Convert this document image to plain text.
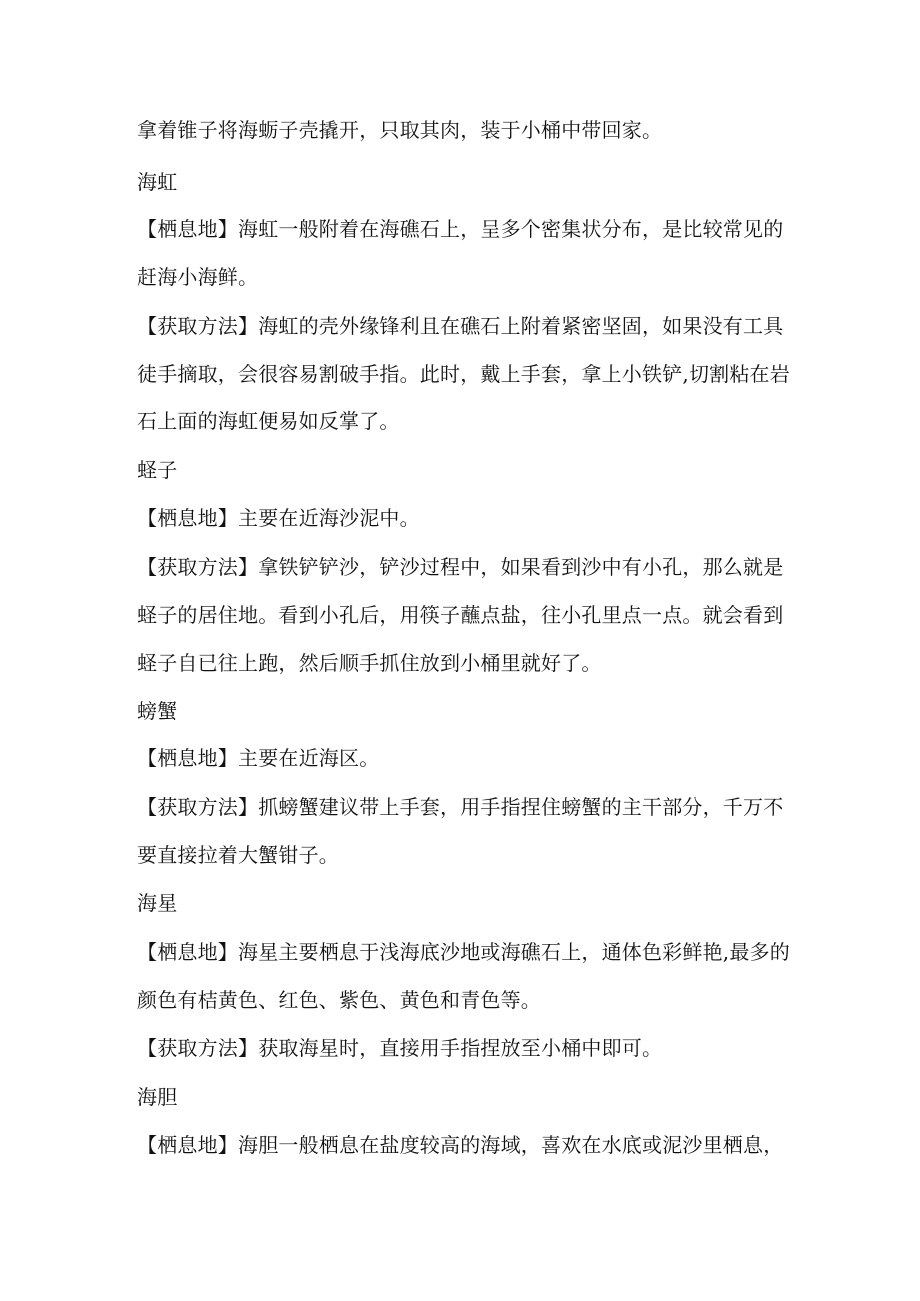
拿着锥子将海蛎子壳撬开，只取其肉，装于小桶中带回家。
海虹
【栖息地】海虹一般附着在海礁石上，呈多个密集状分布，是比较常见的
赶海小海鲜。
【获取方法】海虹的壳外缘锋利且在礁石上附着紧密坚固，如果没有工具
徒手摘取，会很容易割破手指。此时，戴上手套，拿上小铁铲,切割粘在岩
石上面的海虹便易如反掌了。
蛏子
【栖息地】主要在近海沙泥中。
【获取方法】拿铁铲铲沙，铲沙过程中，如果看到沙中有小孔，那么就是
蛏子的居住地。看到小孔后，用筷子蘸点盐，往小孔里点一点。就会看到
蛏子自已往上跑，然后顺手抓住放到小桶里就好了。
螃蟹
【栖息地】主要在近海区。
【获取方法】抓螃蟹建议带上手套，用手指捏住螃蟹的主干部分，千万不
要直接拉着大蟹钳子。
海星
【栖息地】海星主要栖息于浅海底沙地或海礁石上，通体色彩鲜艳,最多的
颜色有桔黄色、红色、紫色、黄色和青色等。
【获取方法】获取海星时，直接用手指捏放至小桶中即可。
海胆
【栖息地】海胆一般栖息在盐度较高的海域，喜欢在水底或泥沙里栖息，
